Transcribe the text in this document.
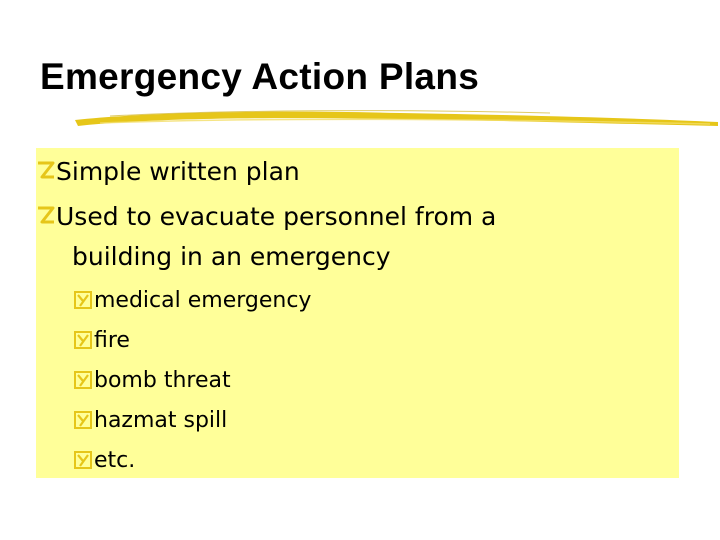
Emergency Action Plans
Simple written plan
Used to evacuate personnel from a
building in an emergency
medical emergency
fire
bomb threat
hazmat spill
etc.
